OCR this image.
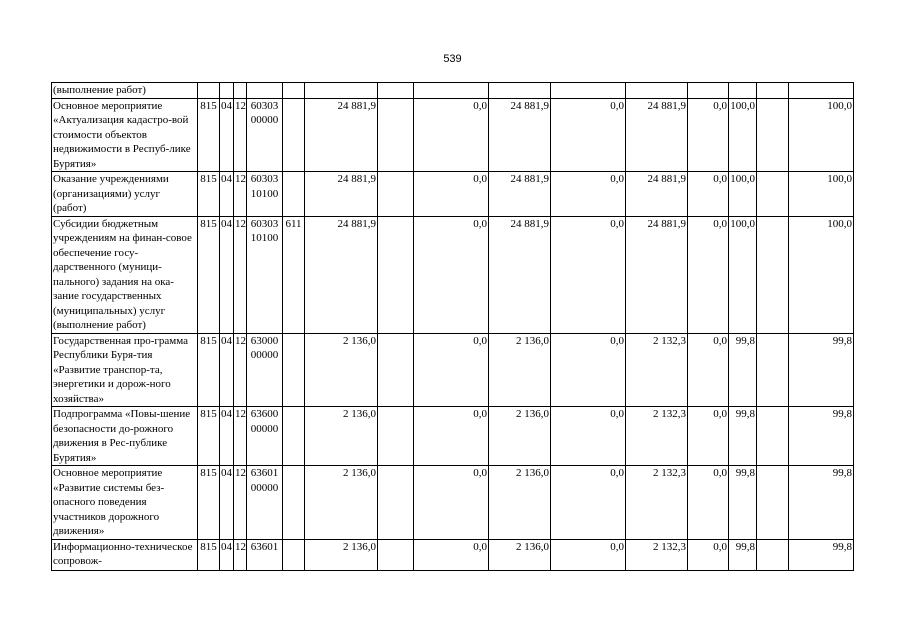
539
(выполнение работ)															
Основное мероприятие «Актуализация кадастро-вой стоимости объектов недвижимости в Респуб-лике Бурятия»	815	04	12	60303 00000		24 881,9		0,0	24 881,9	0,0	24 881,9	0,0	100,0		100,0
Оказание учреждениями (организациями) услуг (работ)	815	04	12	60303 10100		24 881,9		0,0	24 881,9	0,0	24 881,9	0,0	100,0		100,0
Субсидии бюджетным учреждениям на финан-совое обеспечение госу-дарственного (муници-пального) задания на ока-зание государственных (муниципальных) услуг (выполнение работ)	815	04	12	60303 10100	611	24 881,9		0,0	24 881,9	0,0	24 881,9	0,0	100,0		100,0
Государственная про-грамма Республики Буря-тия «Развитие транспор-та, энергетики и дорож-ного хозяйства»	815	04	12	63000 00000		2 136,0		0,0	2 136,0	0,0	2 132,3	0,0	99,8		99,8
Подпрограмма «Повы-шение безопасности до-рожного движения в Рес-публике Бурятия»	815	04	12	63600 00000		2 136,0		0,0	2 136,0	0,0	2 132,3	0,0	99,8		99,8
Основное мероприятие «Развитие системы без-опасного поведения участников дорожного движения»	815	04	12	63601 00000		2 136,0		0,0	2 136,0	0,0	2 132,3	0,0	99,8		99,8
Информационно-техническое сопровож-	815	04	12	63601		2 136,0		0,0	2 136,0	0,0	2 132,3	0,0	99,8		99,8
